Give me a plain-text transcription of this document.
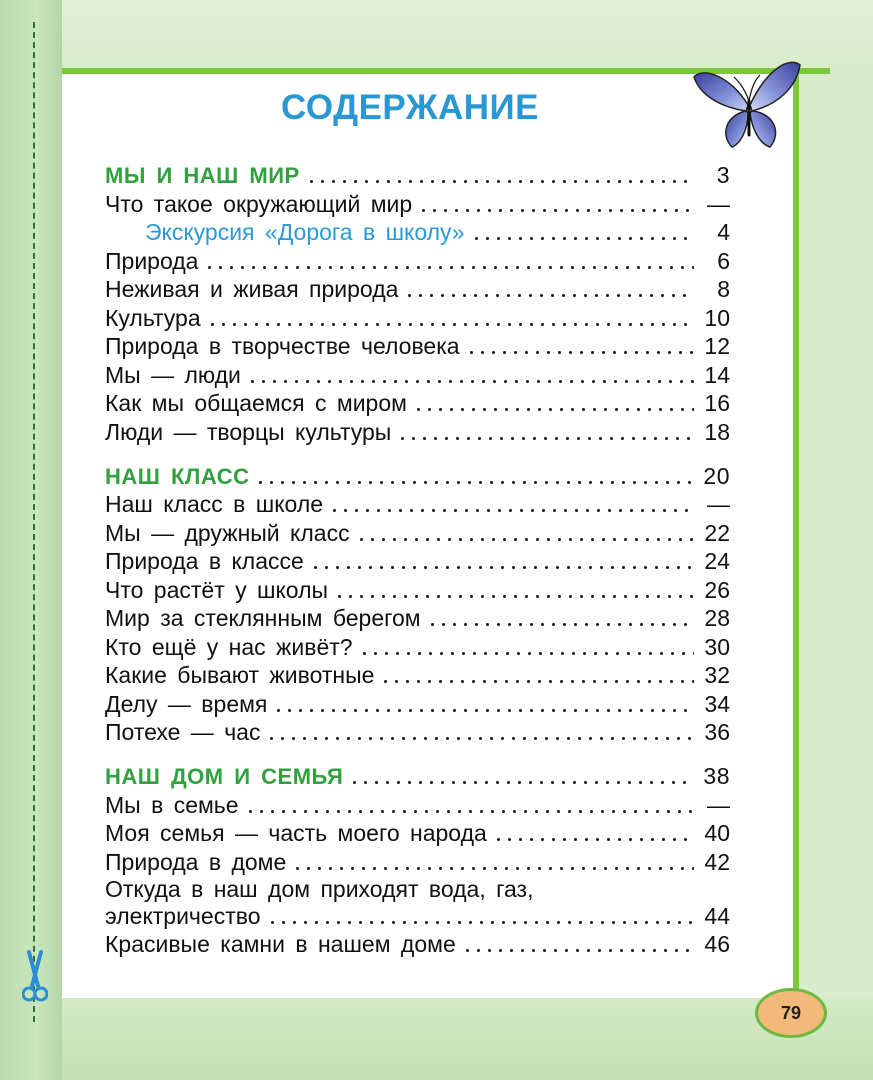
СОДЕРЖАНИЕ
МЫ И НАШ МИР	3
Что такое окружающий мир	—
Экскурсия «Дорога в школу»	4
Природа	6
Неживая и живая природа	8
Культура	10
Природа в творчестве человека	12
Мы — люди	14
Как мы общаемся с миром	16
Люди — творцы культуры	18
НАШ КЛАСС	20
Наш класс в школе	—
Мы — дружный класс	22
Природа в классе	24
Что растёт у школы	26
Мир за стеклянным берегом	28
Кто ещё у нас живёт?	30
Какие бывают животные	32
Делу — время	34
Потехе — час	36
НАШ ДОМ И СЕМЬЯ	38
Мы в семье	—
Моя семья — часть моего народа	40
Природа в доме	42
Откуда в наш дом приходят вода, газ,
электричество	44
Красивые камни в нашем доме	46
79
